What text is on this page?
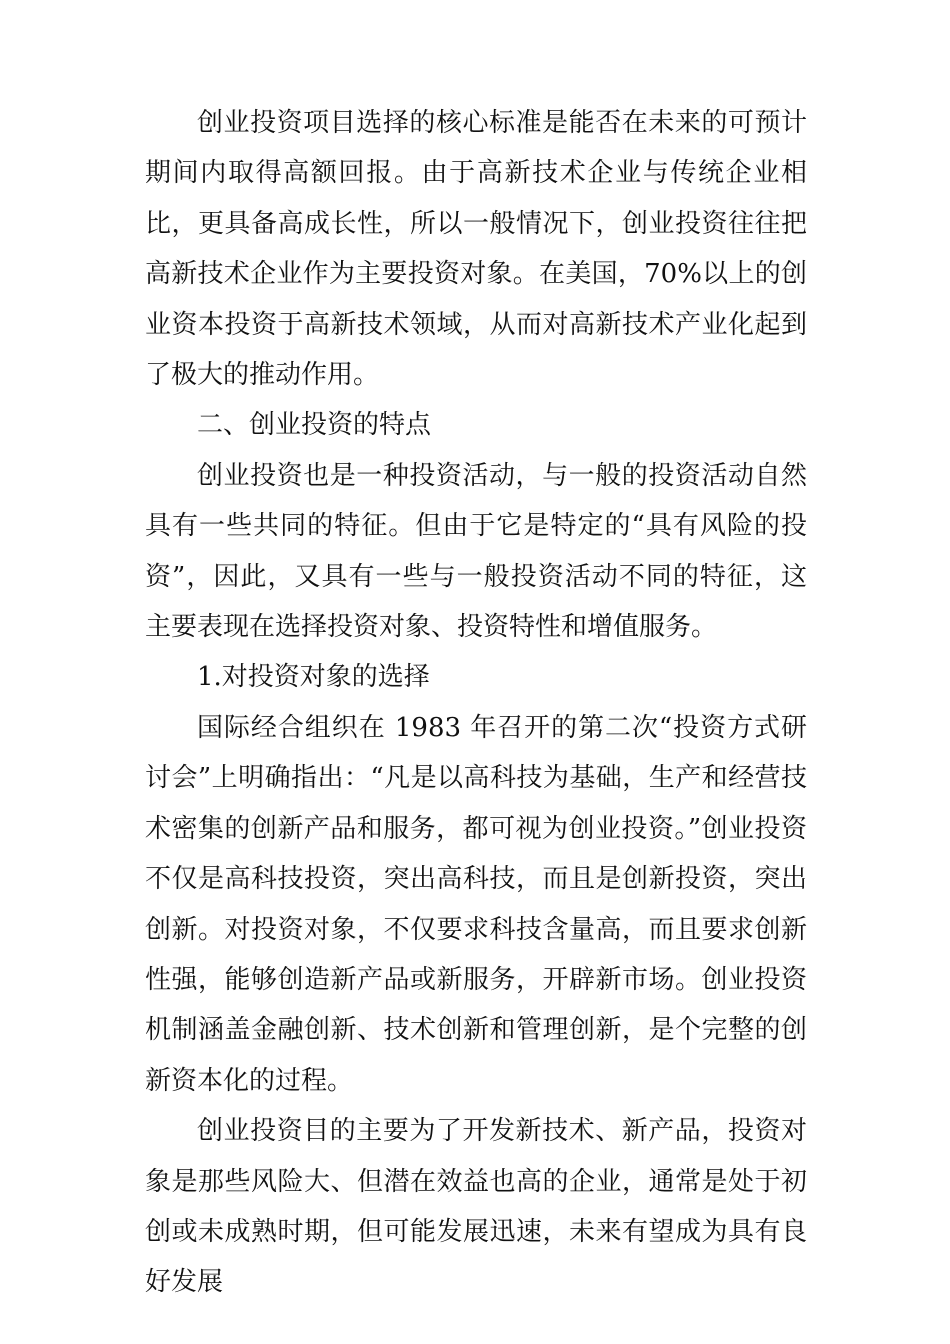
创业投资项目选择的核心标准是能否在未来的可预计期间内取得高额回报。由于高新技术企业与传统企业相比，更具备高成长性，所以一般情况下，创业投资往往把高新技术企业作为主要投资对象。在美国，70%以上的创业资本投资于高新技术领域，从而对高新技术产业化起到了极大的推动作用。

二、创业投资的特点

创业投资也是一种投资活动，与一般的投资活动自然具有一些共同的特征。但由于它是特定的“具有风险的投资”，因此，又具有一些与一般投资活动不同的特征，这主要表现在选择投资对象、投资特性和增值服务。

1.对投资对象的选择

国际经合组织在 1983 年召开的第二次“投资方式研讨会”上明确指出：“凡是以高科技为基础，生产和经营技术密集的创新产品和服务，都可视为创业投资。”创业投资不仅是高科技投资，突出高科技，而且是创新投资，突出创新。对投资对象，不仅要求科技含量高，而且要求创新性强，能够创造新产品或新服务，开辟新市场。创业投资机制涵盖金融创新、技术创新和管理创新，是个完整的创新资本化的过程。

创业投资目的主要为了开发新技术、新产品，投资对象是那些风险大、但潜在效益也高的企业，通常是处于初创或未成熟时期，但可能发展迅速，未来有望成为具有良好发展
